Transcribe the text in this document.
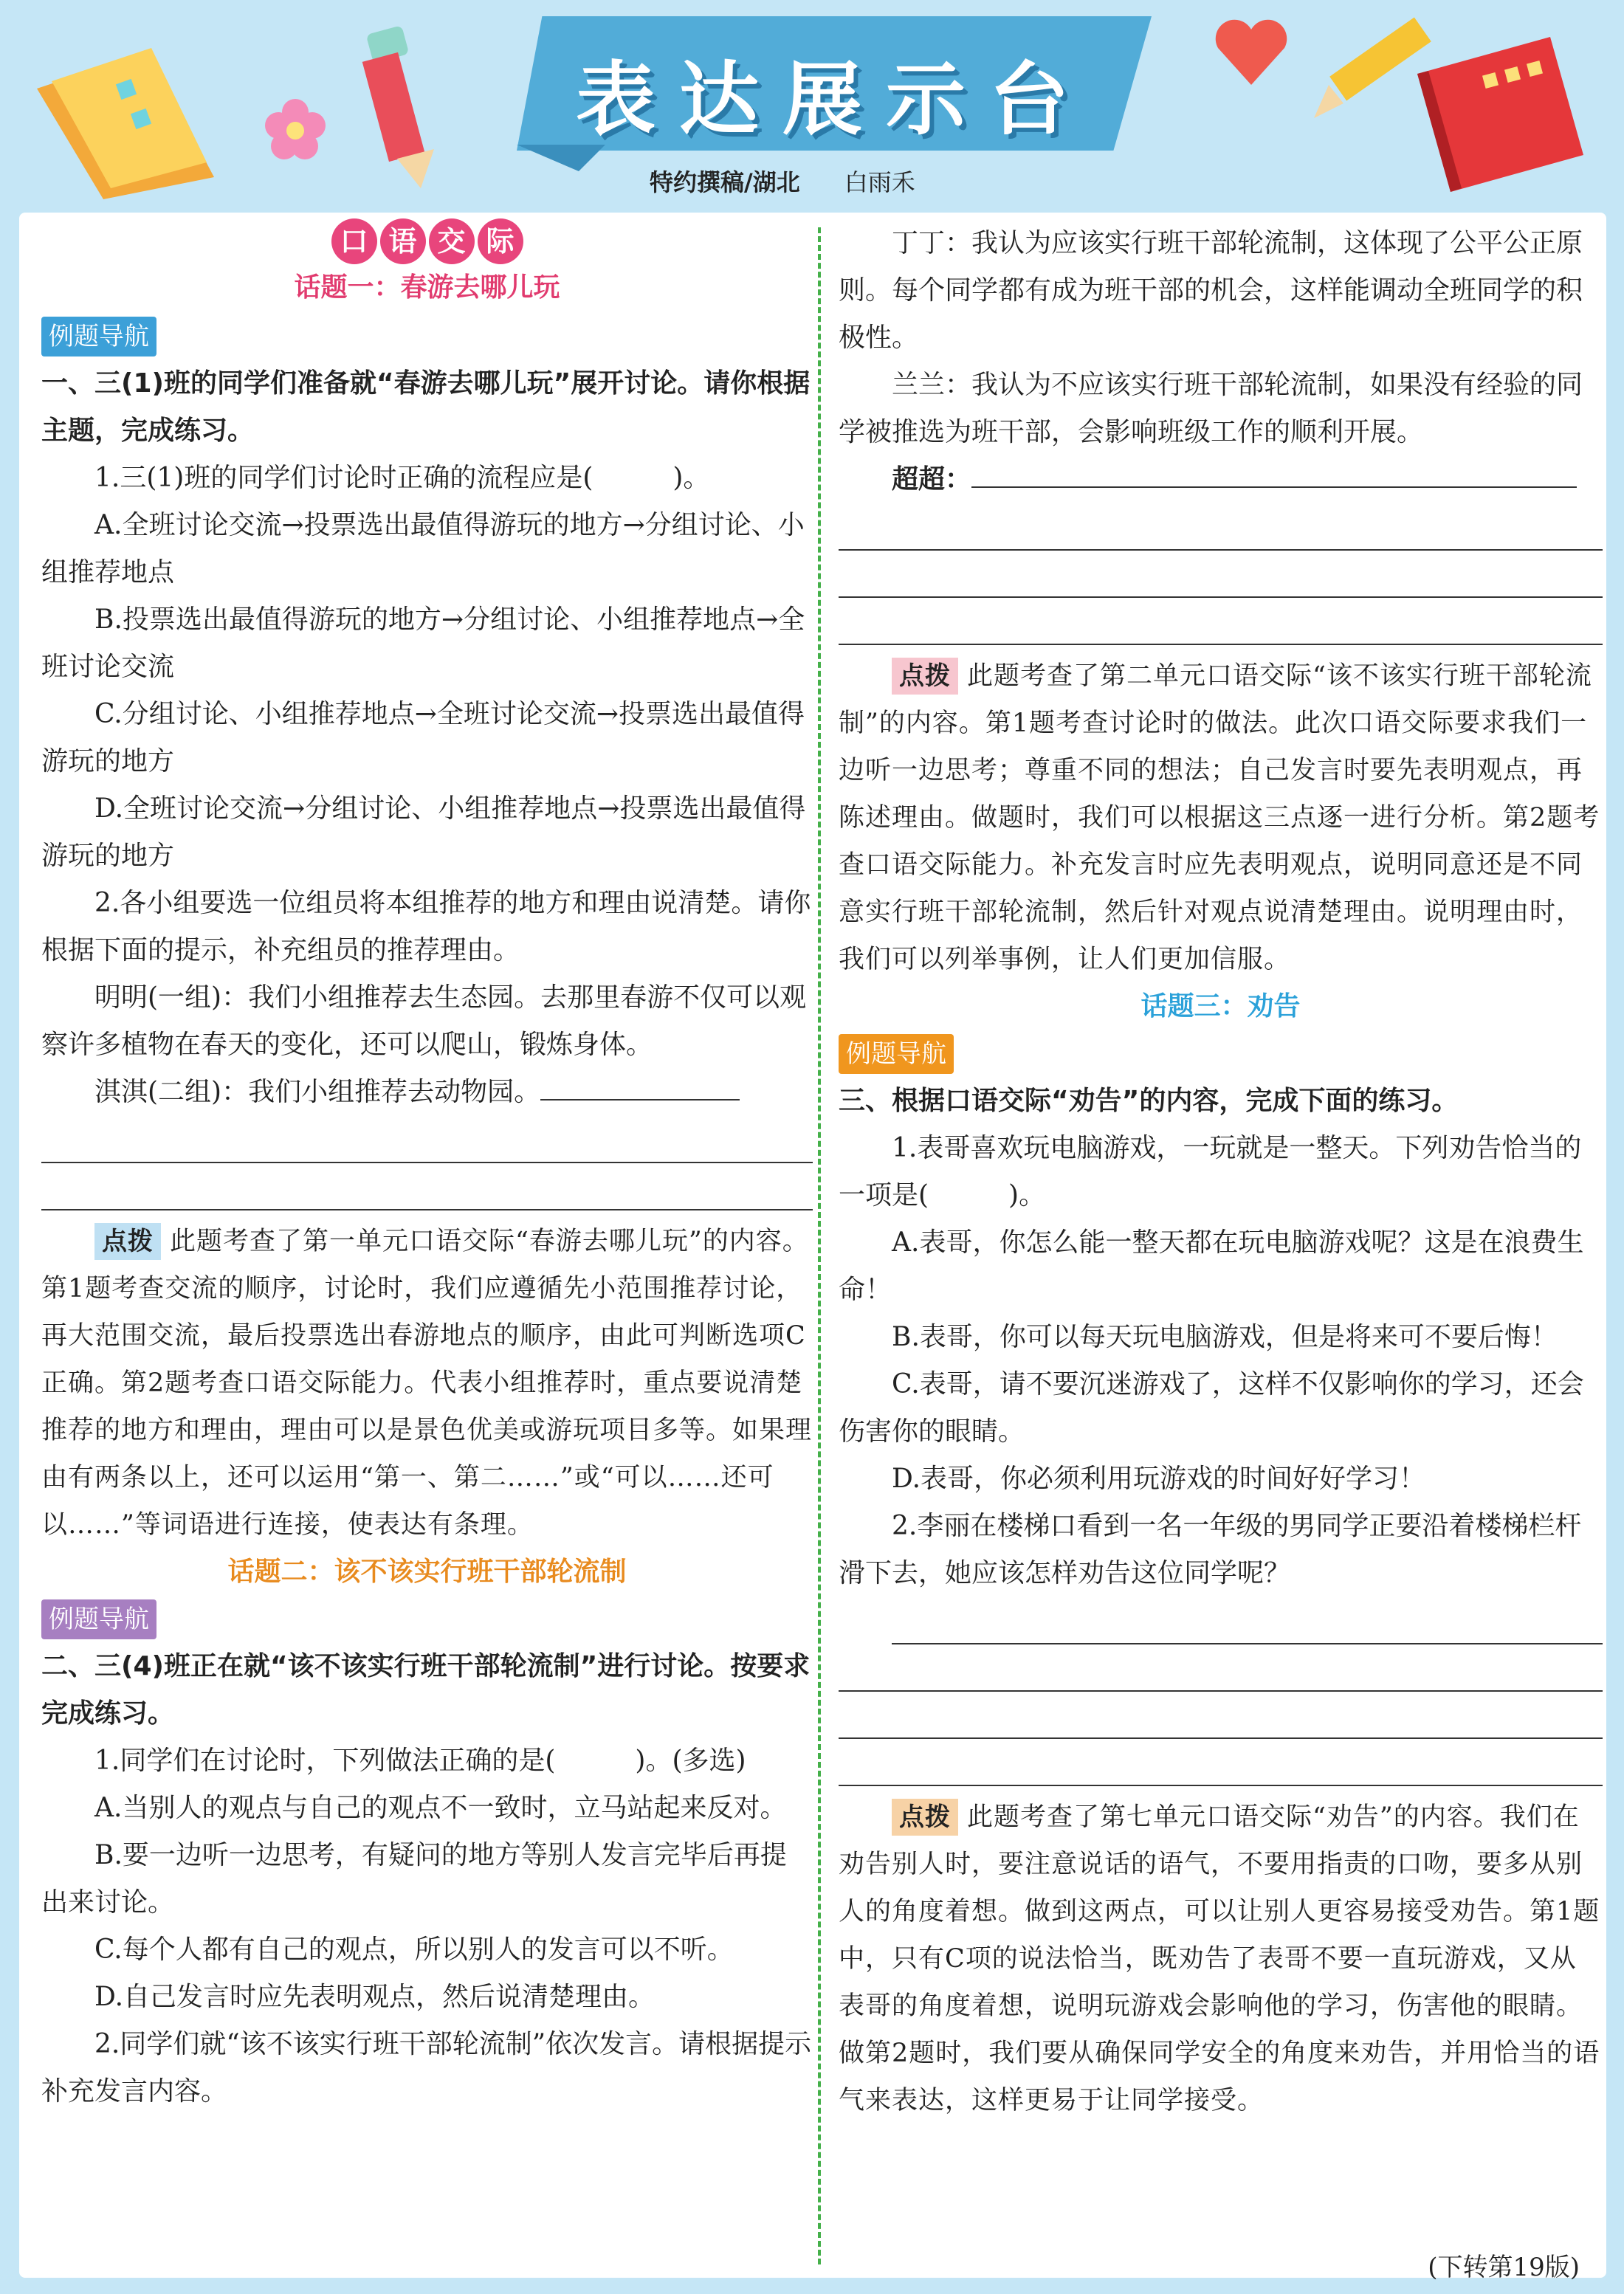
表达展示台
特约撰稿/湖北 白雨禾
口 语 交 际
话题一：春游去哪儿玩
例题导航

一、三(1)班的同学们准备就“春游去哪儿玩”展开讨论。请你根据主题，完成练习。

1.三(1)班的同学们讨论时正确的流程应是(　　　)。

A.全班讨论交流→投票选出最值得游玩的地方→分组讨论、小组推荐地点

B.投票选出最值得游玩的地方→分组讨论、小组推荐地点→全班讨论交流

C.分组讨论、小组推荐地点→全班讨论交流→投票选出最值得游玩的地方

D.全班讨论交流→分组讨论、小组推荐地点→投票选出最值得游玩的地方

2.各小组要选一位组员将本组推荐的地方和理由说清楚。请你根据下面的提示，补充组员的推荐理由。

明明(一组)：我们小组推荐去生态园。去那里春游不仅可以观察许多植物在春天的变化，还可以爬山，锻炼身体。

淇淇(二组)：我们小组推荐去动物园。

点拨 此题考查了第一单元口语交际“春游去哪儿玩”的内容。第1题考查交流的顺序，讨论时，我们应遵循先小范围推荐讨论，再大范围交流，最后投票选出春游地点的顺序，由此可判断选项C正确。第2题考查口语交际能力。代表小组推荐时，重点要说清楚推荐的地方和理由，理由可以是景色优美或游玩项目多等。如果理由有两条以上，还可以运用“第一、第二……”或“可以……还可以……”等词语进行连接，使表达有条理。

话题二：该不该实行班干部轮流制
例题导航

二、三(4)班正在就“该不该实行班干部轮流制”进行讨论。按要求完成练习。

1.同学们在讨论时，下列做法正确的是(　　　)。(多选)

A.当别人的观点与自己的观点不一致时，立马站起来反对。

B.要一边听一边思考，有疑问的地方等别人发言完毕后再提出来讨论。

C.每个人都有自己的观点，所以别人的发言可以不听。

D.自己发言时应先表明观点，然后说清楚理由。

2.同学们就“该不该实行班干部轮流制”依次发言。请根据提示补充发言内容。

丁丁：我认为应该实行班干部轮流制，这体现了公平公正原则。每个同学都有成为班干部的机会，这样能调动全班同学的积极性。

兰兰：我认为不应该实行班干部轮流制，如果没有经验的同学被推选为班干部，会影响班级工作的顺利开展。

超超：

点拨 此题考查了第二单元口语交际“该不该实行班干部轮流制”的内容。第1题考查讨论时的做法。此次口语交际要求我们一边听一边思考；尊重不同的想法；自己发言时要先表明观点，再陈述理由。做题时，我们可以根据这三点逐一进行分析。第2题考查口语交际能力。补充发言时应先表明观点，说明同意还是不同意实行班干部轮流制，然后针对观点说清楚理由。说明理由时，我们可以列举事例，让人们更加信服。

话题三：劝告
例题导航

三、根据口语交际“劝告”的内容，完成下面的练习。

1.表哥喜欢玩电脑游戏，一玩就是一整天。下列劝告恰当的一项是(　　　)。

A.表哥，你怎么能一整天都在玩电脑游戏呢？这是在浪费生命！

B.表哥，你可以每天玩电脑游戏，但是将来可不要后悔！

C.表哥，请不要沉迷游戏了，这样不仅影响你的学习，还会伤害你的眼睛。

D.表哥，你必须利用玩游戏的时间好好学习！

2.李丽在楼梯口看到一名一年级的男同学正要沿着楼梯栏杆滑下去，她应该怎样劝告这位同学呢？

点拨 此题考查了第七单元口语交际“劝告”的内容。我们在劝告别人时，要注意说话的语气，不要用指责的口吻，要多从别人的角度着想。做到这两点，可以让别人更容易接受劝告。第1题中，只有C项的说法恰当，既劝告了表哥不要一直玩游戏，又从表哥的角度着想，说明玩游戏会影响他的学习，伤害他的眼睛。做第2题时，我们要从确保同学安全的角度来劝告，并用恰当的语气来表达，这样更易于让同学接受。

(下转第19版)
